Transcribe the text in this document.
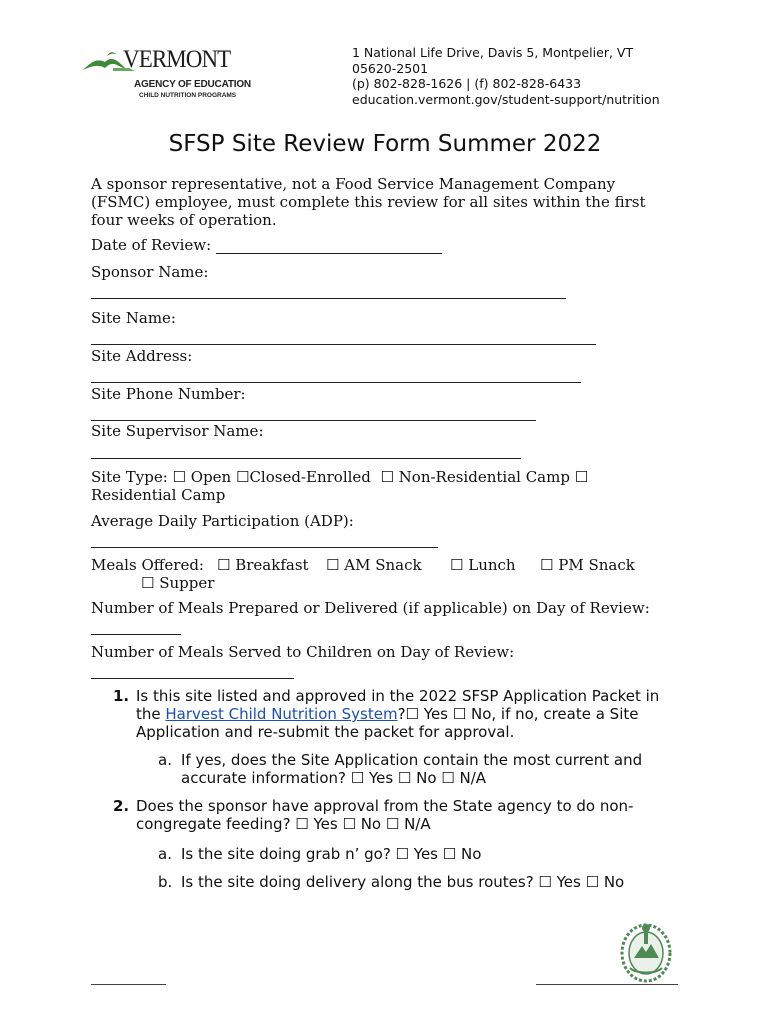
VERMONT
AGENCY OF EDUCATION
CHILD NUTRITION PROGRAMS
1 National Life Drive, Davis 5, Montpelier, VT
05620-2501
(p) 802-828-1626 | (f) 802-828-6433
education.vermont.gov/student-support/nutrition
SFSP Site Review Form Summer 2022
A sponsor representative, not a Food Service Management Company
(FSMC) employee, must complete this review for all sites within the first
four weeks of operation.
Date of Review:
Sponsor Name:
Site Name:
Site Address:
Site Phone Number:
Site Supervisor Name:
Site Type: ☐ Open ☐Closed-Enrolled ☐ Non-Residential Camp ☐
Residential Camp
Average Daily Participation (ADP):
Meals Offered: ☐ Breakfast ☐ AM Snack ☐ Lunch ☐ PM Snack
☐ Supper
Number of Meals Prepared or Delivered (if applicable) on Day of Review:
Number of Meals Served to Children on Day of Review:
1. Is this site listed and approved in the 2022 SFSP Application Packet in
the Harvest Child Nutrition System?☐ Yes ☐ No, if no, create a Site
Application and re-submit the packet for approval.
a. If yes, does the Site Application contain the most current and
accurate information? ☐ Yes ☐ No ☐ N/A
2. Does the sponsor have approval from the State agency to do non-
congregate feeding? ☐ Yes ☐ No ☐ N/A
a. Is the site doing grab n’ go? ☐ Yes ☐ No
b. Is the site doing delivery along the bus routes? ☐ Yes ☐ No
